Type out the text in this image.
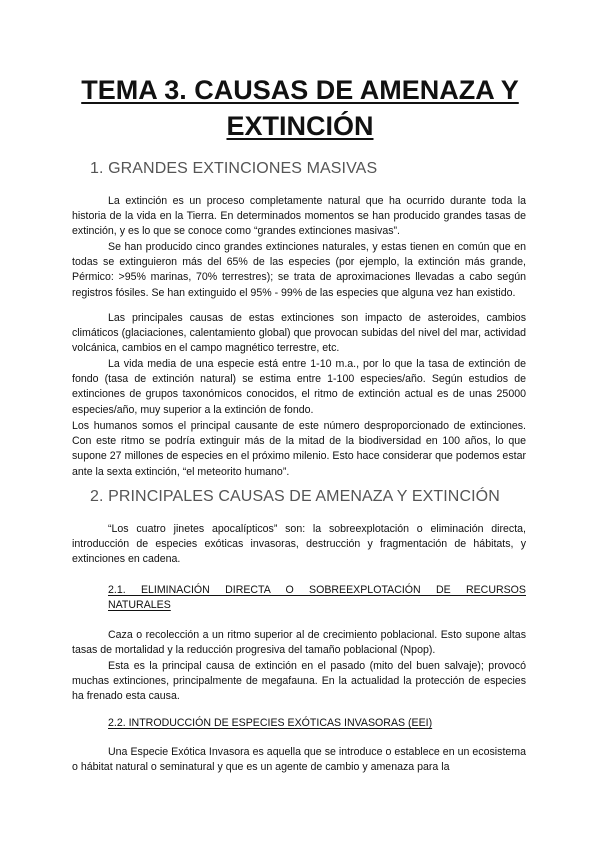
TEMA 3. CAUSAS DE AMENAZA Y
EXTINCIÓN
1. GRANDES EXTINCIONES MASIVAS

La extinción es un proceso completamente natural que ha ocurrido durante toda la historia de la vida en la Tierra. En determinados momentos se han producido grandes tasas de extinción, y es lo que se conoce como “grandes extinciones masivas”.

Se han producido cinco grandes extinciones naturales, y estas tienen en común que en todas se extinguieron más del 65% de las especies (por ejemplo, la extinción más grande, Pérmico: >95% marinas, 70% terrestres); se trata de aproximaciones llevadas a cabo según registros fósiles. Se han extinguido el 95% - 99% de las especies que alguna vez han existido.

Las principales causas de estas extinciones son impacto de asteroides, cambios climáticos (glaciaciones, calentamiento global) que provocan subidas del nivel del mar, actividad volcánica, cambios en el campo magnético terrestre, etc.

La vida media de una especie está entre 1-10 m.a., por lo que la tasa de extinción de fondo (tasa de extinción natural) se estima entre 1-100 especies/año. Según estudios de extinciones de grupos taxonómicos conocidos, el ritmo de extinción actual es de unas 25000 especies/año, muy superior a la extinción de fondo.

Los humanos somos el principal causante de este número desproporcionado de extinciones. Con este ritmo se podría extinguir más de la mitad de la biodiversidad en 100 años, lo que supone 27 millones de especies en el próximo milenio. Esto hace considerar que podemos estar ante la sexta extinción, “el meteorito humano”.

2. PRINCIPALES CAUSAS DE AMENAZA Y EXTINCIÓN

“Los cuatro jinetes apocalípticos” son: la sobreexplotación o eliminación directa, introducción de especies exóticas invasoras, destrucción y fragmentación de hábitats, y extinciones en cadena.

2.1. ELIMINACIÓN DIRECTA O SOBREEXPLOTACIÓN DE RECURSOS
NATURALES

Caza o recolección a un ritmo superior al de crecimiento poblacional. Esto supone altas tasas de mortalidad y la reducción progresiva del tamaño poblacional (Npop).

Esta es la principal causa de extinción en el pasado (mito del buen salvaje); provocó muchas extinciones, principalmente de megafauna. En la actualidad la protección de especies ha frenado esta causa.

2.2. INTRODUCCIÓN DE ESPECIES EXÓTICAS INVASORAS (EEI)

Una Especie Exótica Invasora es aquella que se introduce o establece en un ecosistema o hábitat natural o seminatural y que es un agente de cambio y amenaza para la
